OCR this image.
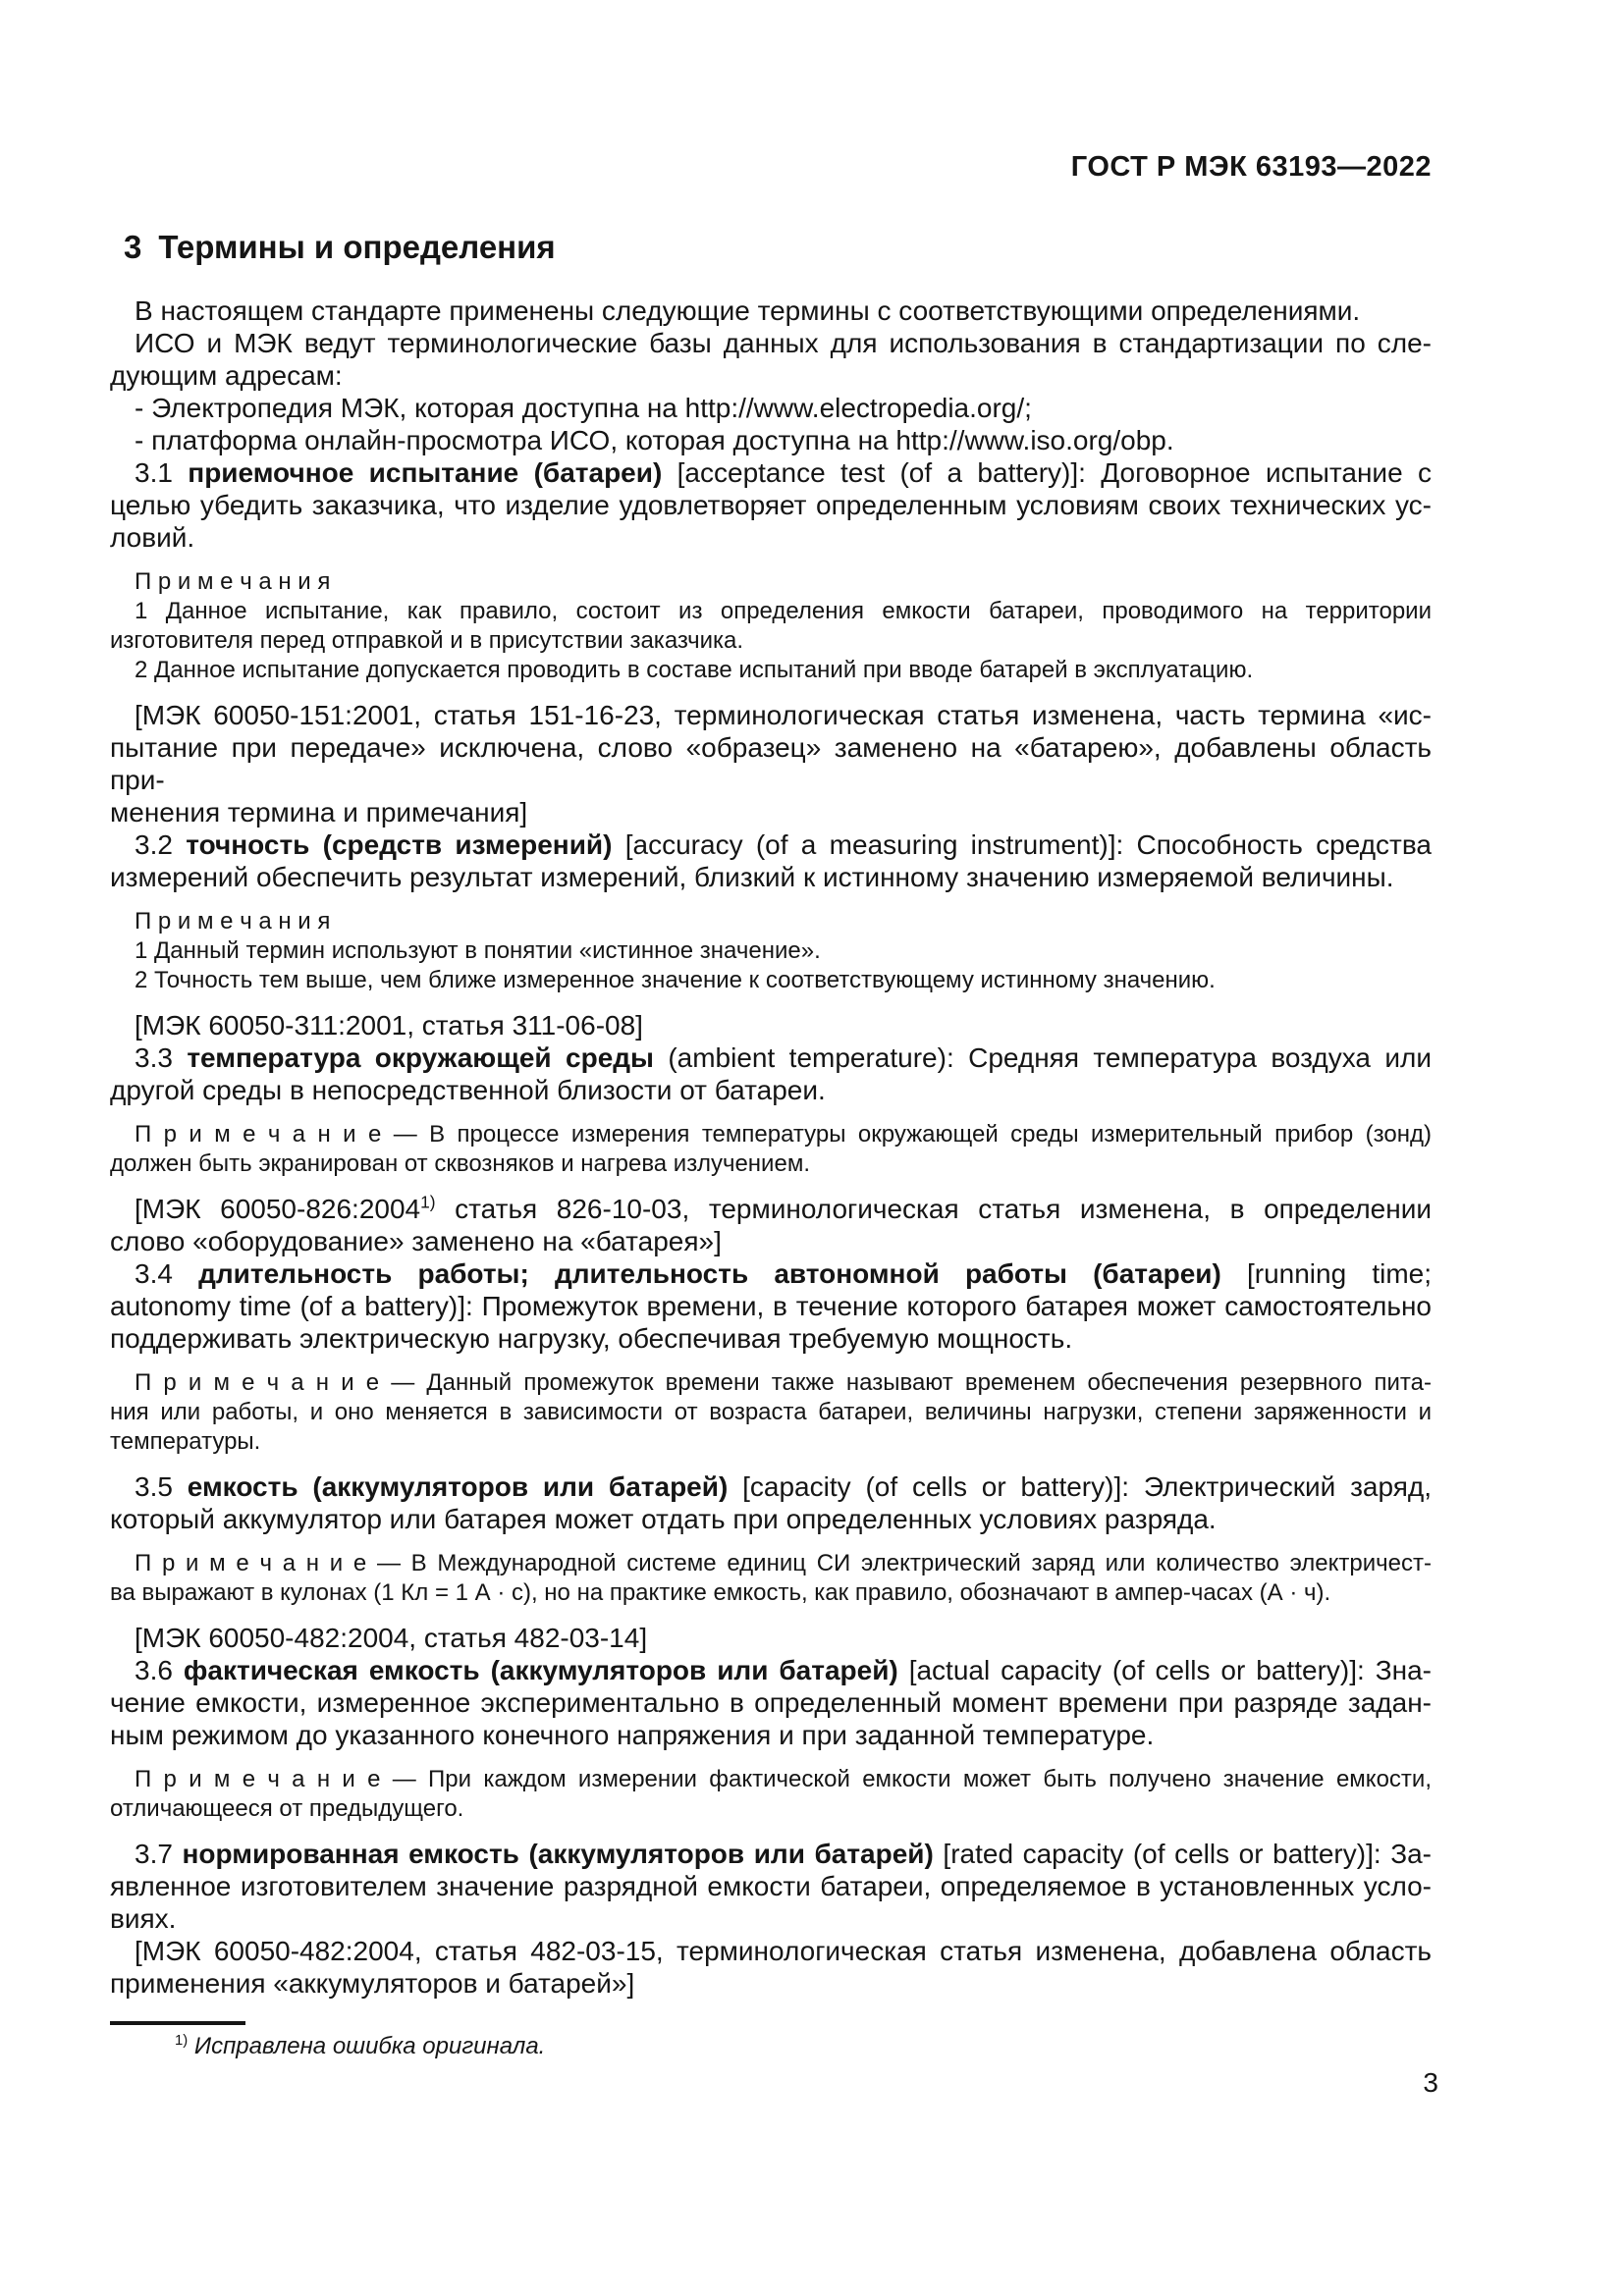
ГОСТ Р МЭК 63193—2022
3 Термины и определения

В настоящем стандарте применены следующие термины с соответствующими определениями.

ИСО и МЭК ведут терминологические базы данных для использования в стандартизации по сле-
дующим адресам:

- Электропедия МЭК, которая доступна на http://www.electropedia.org/;

- платформа онлайн-просмотра ИСО, которая доступна на http://www.iso.org/obp.

3.1 приемочное испытание (батареи) [acceptance test (of a battery)]: Договорное испытание с
целью убедить заказчика, что изделие удовлетворяет определенным условиям своих технических ус-
ловий.

П р и м е ч а н и я

1 Данное испытание, как правило, состоит из определения емкости батареи, проводимого на территории
изготовителя перед отправкой и в присутствии заказчика.

2 Данное испытание допускается проводить в составе испытаний при вводе батарей в эксплуатацию.

[МЭК 60050-151:2001, статья 151-16-23, терминологическая статья изменена, часть термина «ис-
пытание при передаче» исключена, слово «образец» заменено на «батарею», добавлены область при-
менения термина и примечания]

3.2 точность (средств измерений) [accuracy (of a measuring instrument)]: Способность средства
измерений обеспечить результат измерений, близкий к истинному значению измеряемой величины.

П р и м е ч а н и я

1 Данный термин используют в понятии «истинное значение».

2 Точность тем выше, чем ближе измеренное значение к соответствующему истинному значению.

[МЭК 60050-311:2001, статья 311-06-08]

3.3 температура окружающей среды (ambient temperature): Средняя температура воздуха или
другой среды в непосредственной близости от батареи.

П р и м е ч а н и е — В процессе измерения температуры окружающей среды измерительный прибор (зонд)
должен быть экранирован от сквозняков и нагрева излучением.

[МЭК 60050-826:2004$^{1)}$ статья 826-10-03, терминологическая статья изменена, в определении
слово «оборудование» заменено на «батарея»]

3.4 длительность работы; длительность автономной работы (батареи) [running time;
autonomy time (of a battery)]: Промежуток времени, в течение которого батарея может самостоятельно
поддерживать электрическую нагрузку, обеспечивая требуемую мощность.

П р и м е ч а н и е — Данный промежуток времени также называют временем обеспечения резервного пита-
ния или работы, и оно меняется в зависимости от возраста батареи, величины нагрузки, степени заряженности и
температуры.

3.5 емкость (аккумуляторов или батарей) [capacity (of cells or battery)]: Электрический заряд,
который аккумулятор или батарея может отдать при определенных условиях разряда.

П р и м е ч а н и е — В Международной системе единиц СИ электрический заряд или количество электричест-
ва выражают в кулонах (1 Кл = 1 А · с), но на практике емкость, как правило, обозначают в ампер-часах (А · ч).

[МЭК 60050-482:2004, статья 482-03-14]

3.6 фактическая емкость (аккумуляторов или батарей) [actual capacity (of cells or battery)]: Зна-
чение емкости, измеренное экспериментально в определенный момент времени при разряде задан-
ным режимом до указанного конечного напряжения и при заданной температуре.

П р и м е ч а н и е — При каждом измерении фактической емкости может быть получено значение емкости,
отличающееся от предыдущего.

3.7 нормированная емкость (аккумуляторов или батарей) [rated capacity (of cells or battery)]: За-
явленное изготовителем значение разрядной емкости батареи, определяемое в установленных усло-
виях.

[МЭК 60050-482:2004, статья 482-03-15, терминологическая статья изменена, добавлена область
применения «аккумуляторов и батарей»]

$^{1)}$ Исправлена ошибка оригинала.

3
